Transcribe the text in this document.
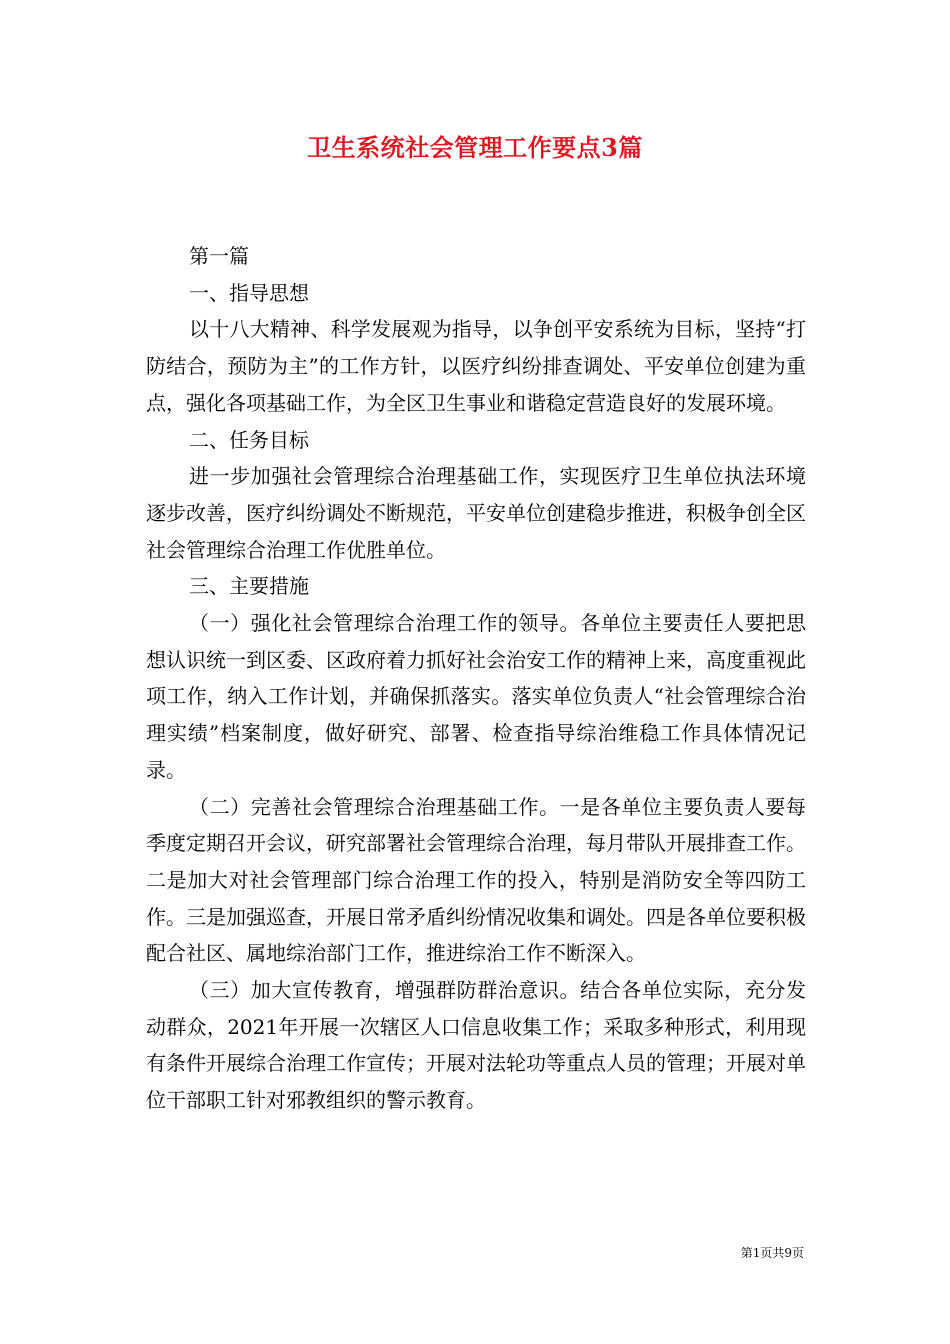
卫生系统社会管理工作要点3篇

第一篇

一、指导思想

以十八大精神、科学发展观为指导，以争创平安系统为目标，坚持“打防结合，预防为主”的工作方针，以医疗纠纷排查调处、平安单位创建为重点，强化各项基础工作，为全区卫生事业和谐稳定营造良好的发展环境。

二、任务目标

进一步加强社会管理综合治理基础工作，实现医疗卫生单位执法环境逐步改善，医疗纠纷调处不断规范，平安单位创建稳步推进，积极争创全区社会管理综合治理工作优胜单位。

三、主要措施

（一）强化社会管理综合治理工作的领导。各单位主要责任人要把思想认识统一到区委、区政府着力抓好社会治安工作的精神上来，高度重视此项工作，纳入工作计划，并确保抓落实。落实单位负责人“社会管理综合治理实绩”档案制度，做好研究、部署、检查指导综治维稳工作具体情况记录。

（二）完善社会管理综合治理基础工作。一是各单位主要负责人要每季度定期召开会议，研究部署社会管理综合治理，每月带队开展排查工作。二是加大对社会管理部门综合治理工作的投入，特别是消防安全等四防工作。三是加强巡查，开展日常矛盾纠纷情况收集和调处。四是各单位要积极配合社区、属地综治部门工作，推进综治工作不断深入。

（三）加大宣传教育，增强群防群治意识。结合各单位实际，充分发动群众，2021年开展一次辖区人口信息收集工作；采取多种形式，利用现有条件开展综合治理工作宣传；开展对法轮功等重点人员的管理；开展对单位干部职工针对邪教组织的警示教育。

第1页共9页
